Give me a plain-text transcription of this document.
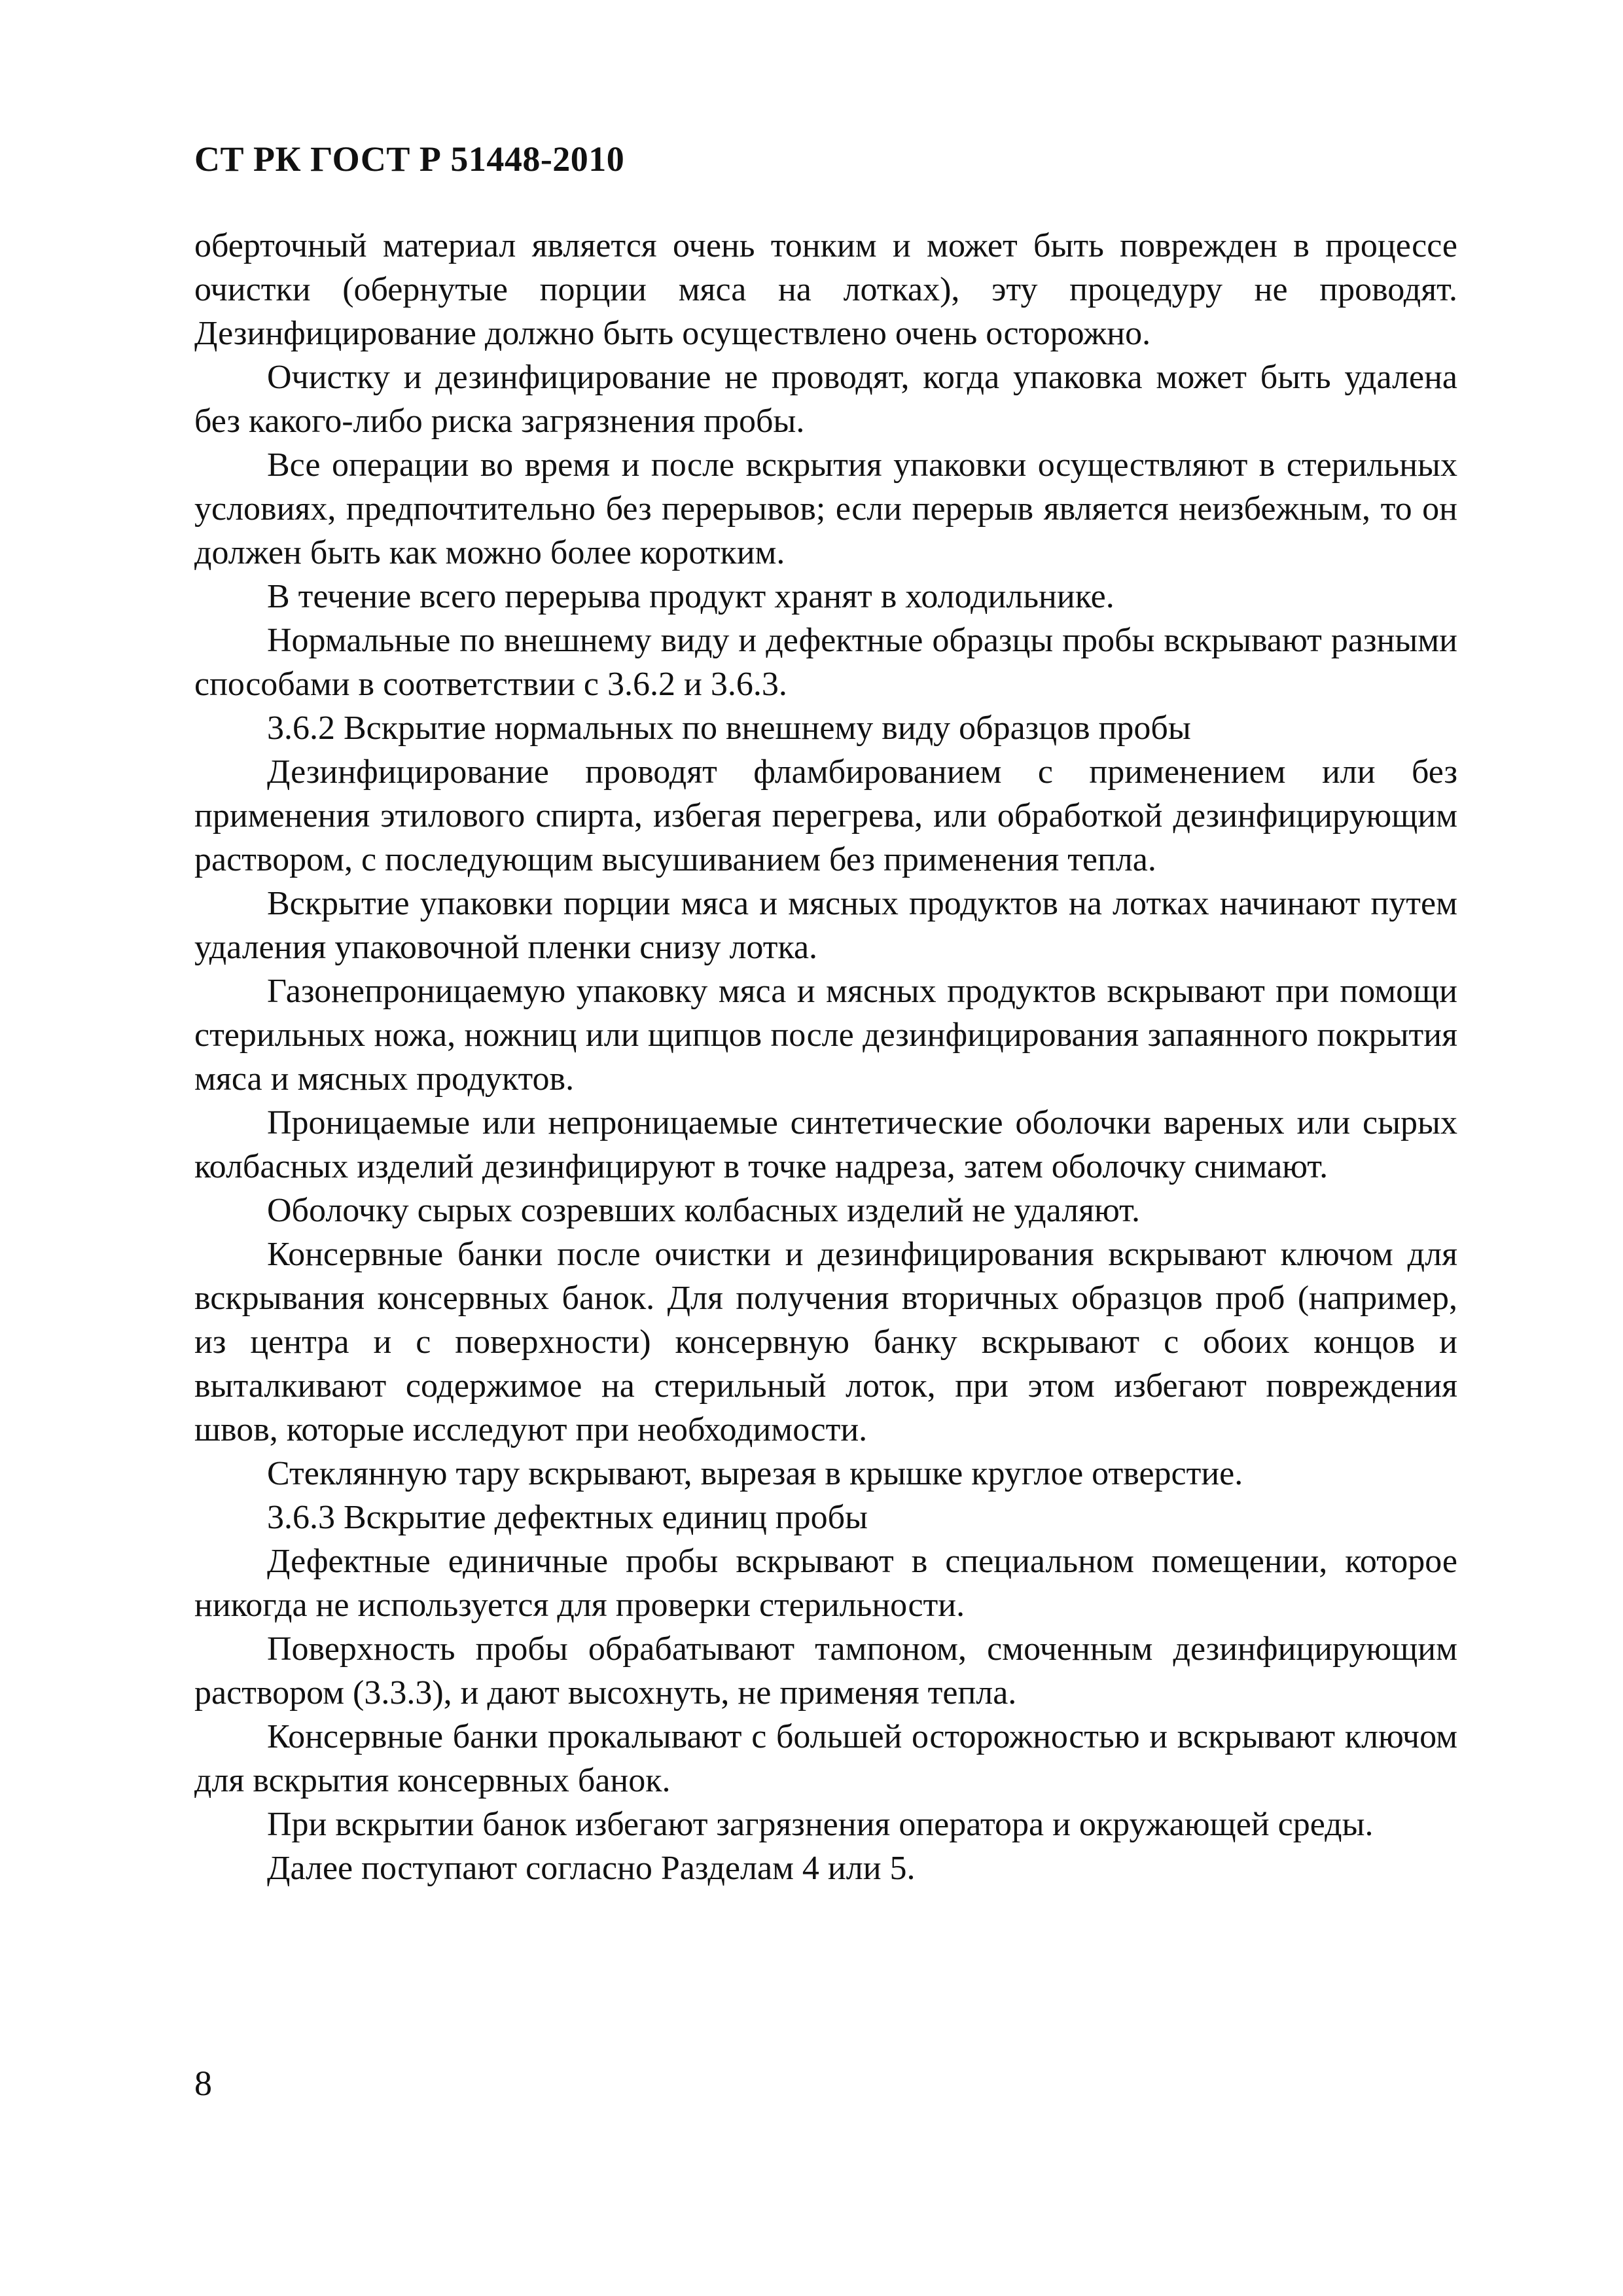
СТ РК ГОСТ Р 51448-2010

оберточный материал является очень тонким и может быть поврежден в процессе очистки (обернутые порции мяса на лотках), эту процедуру не проводят. Дезинфицирование должно быть осуществлено очень осторожно.

Очистку и дезинфицирование не проводят, когда упаковка может быть удалена без какого-либо риска загрязнения пробы.

Все операции во время и после вскрытия упаковки осуществляют в стерильных условиях, предпочтительно без перерывов; если перерыв является неизбежным, то он должен быть как можно более коротким.

В течение всего перерыва продукт хранят в холодильнике.

Нормальные по внешнему виду и дефектные образцы пробы вскрывают разными способами в соответствии с 3.6.2 и 3.6.3.

3.6.2 Вскрытие нормальных по внешнему виду образцов пробы

Дезинфицирование проводят фламбированием с применением или без применения этилового спирта, избегая перегрева, или обработкой дезинфицирующим раствором, с последующим высушиванием без применения тепла.

Вскрытие упаковки порции мяса и мясных продуктов на лотках начинают путем удаления упаковочной пленки снизу лотка.

Газонепроницаемую упаковку мяса и мясных продуктов вскрывают при помощи стерильных ножа, ножниц или щипцов после дезинфицирования запаянного покрытия мяса и мясных продуктов.

Проницаемые или непроницаемые синтетические оболочки вареных или сырых колбасных изделий дезинфицируют в точке надреза, затем оболочку снимают.

Оболочку сырых созревших колбасных изделий не удаляют.

Консервные банки после очистки и дезинфицирования вскрывают ключом для вскрывания консервных банок. Для получения вторичных образцов проб (например, из центра и с поверхности) консервную банку вскрывают с обоих концов и выталкивают содержимое на стерильный лоток, при этом избегают повреждения швов, которые исследуют при необходимости.

Стеклянную тару вскрывают, вырезая в крышке круглое отверстие.

3.6.3 Вскрытие дефектных единиц пробы

Дефектные единичные пробы вскрывают в специальном помещении, которое никогда не используется для проверки стерильности.

Поверхность пробы обрабатывают тампоном, смоченным дезинфицирующим раствором (3.3.3), и дают высохнуть, не применяя тепла.

Консервные банки прокалывают с большей осторожностью и вскрывают ключом для вскрытия консервных банок.

При вскрытии банок избегают загрязнения оператора и окружающей среды.

Далее поступают согласно Разделам 4 или 5.

8
